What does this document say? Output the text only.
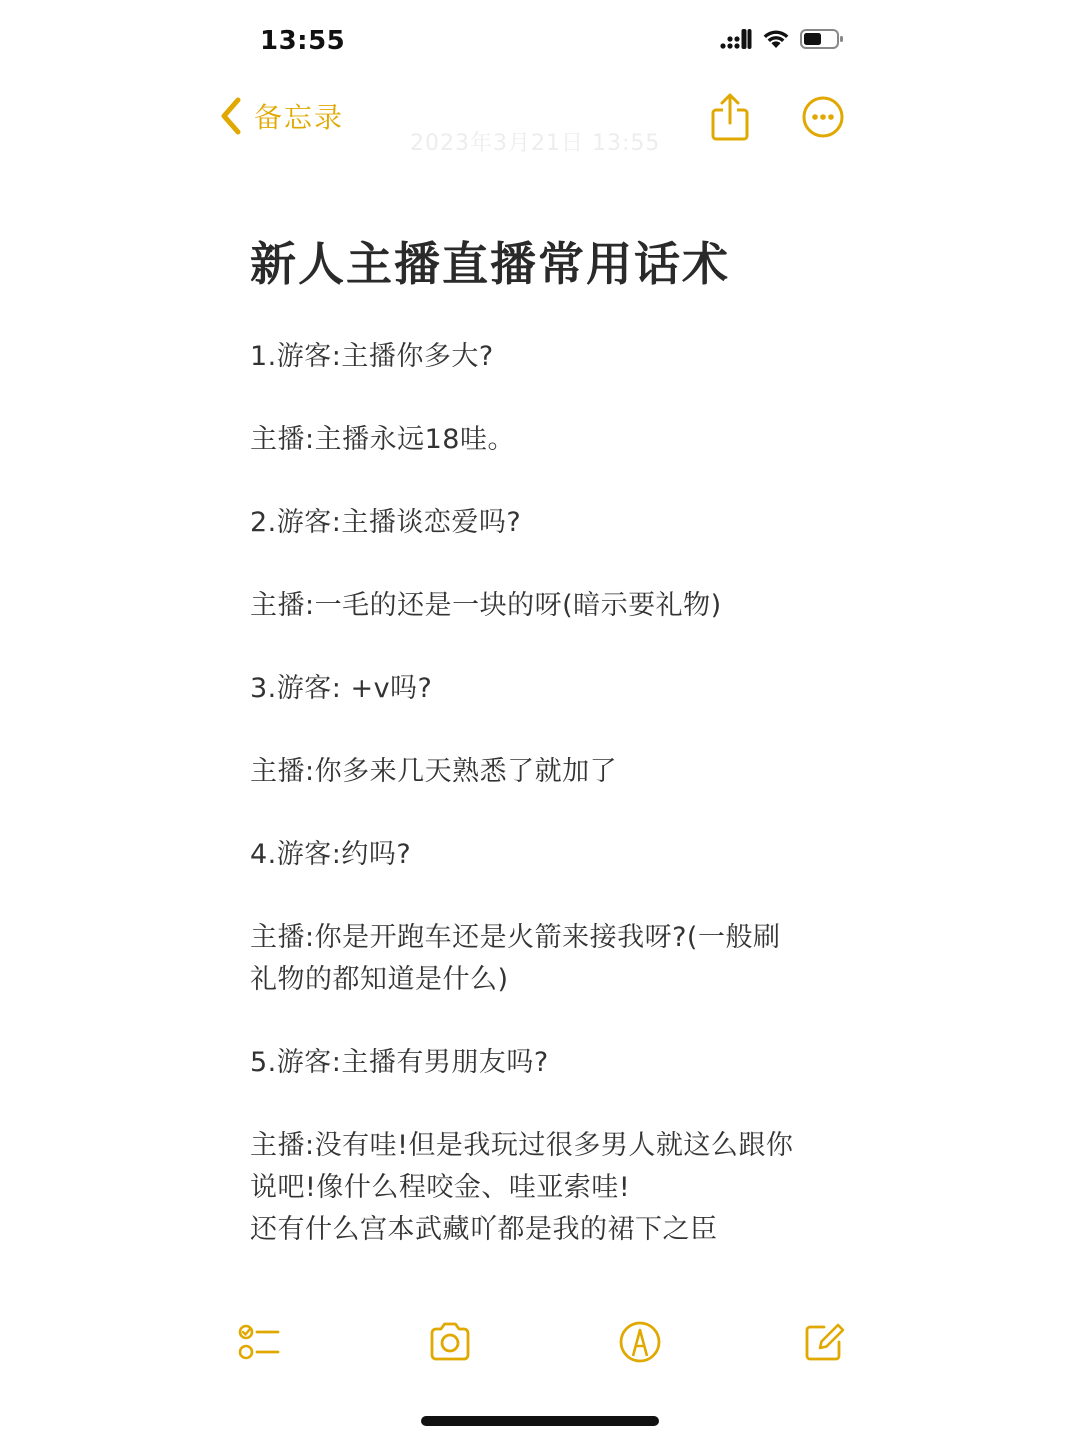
13:55
备忘录
2023年3月21日 13:55
新人主播直播常用话术
1.游客:主播你多大?
主播:主播永远18哇。
2.游客:主播谈恋爱吗?
主播:一毛的还是一块的呀(暗示要礼物)
3.游客: +v吗?
主播:你多来几天熟悉了就加了
4.游客:约吗?
主播:你是开跑车还是火箭来接我呀?(一般刷
礼物的都知道是什么)
5.游客:主播有男朋友吗?
主播:没有哇!但是我玩过很多男人就这么跟你
说吧!像什么程咬金、哇亚索哇!
还有什么宫本武藏吖都是我的裙下之臣
